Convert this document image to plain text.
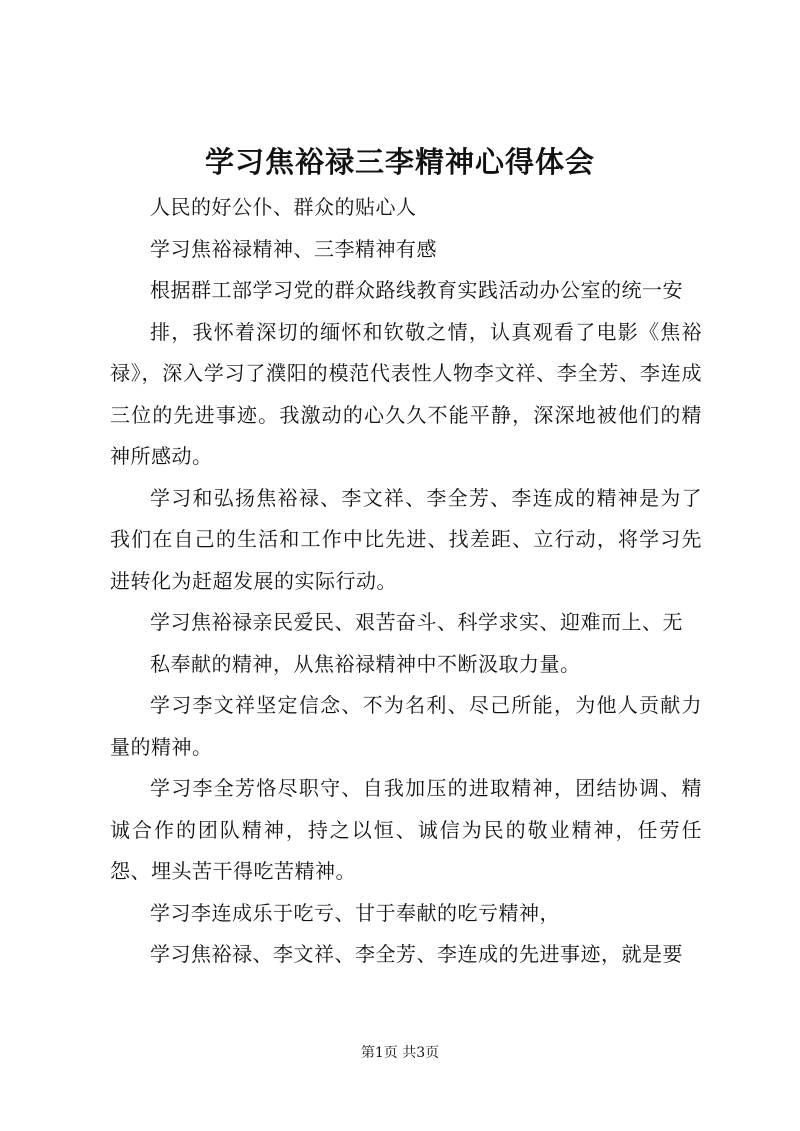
学习焦裕禄三李精神心得体会

人民的好公仆、群众的贴心人

学习焦裕禄精神、三李精神有感

根据群工部学习党的群众路线教育实践活动办公室的统一安

排，我怀着深切的缅怀和钦敬之情，认真观看了电影《焦裕禄》，深入学习了濮阳的模范代表性人物李文祥、李全芳、李连成三位的先进事迹。我激动的心久久不能平静，深深地被他们的精神所感动。

学习和弘扬焦裕禄、李文祥、李全芳、李连成的精神是为了我们在自己的生活和工作中比先进、找差距、立行动，将学习先进转化为赶超发展的实际行动。

学习焦裕禄亲民爱民、艰苦奋斗、科学求实、迎难而上、无

私奉献的精神，从焦裕禄精神中不断汲取力量。

学习李文祥坚定信念、不为名利、尽己所能，为他人贡献力量的精神。

学习李全芳恪尽职守、自我加压的进取精神，团结协调、精诚合作的团队精神，持之以恒、诚信为民的敬业精神，任劳任怨、埋头苦干得吃苦精神。

学习李连成乐于吃亏、甘于奉献的吃亏精神，

学习焦裕禄、李文祥、李全芳、李连成的先进事迹，就是要

第1页 共3页
